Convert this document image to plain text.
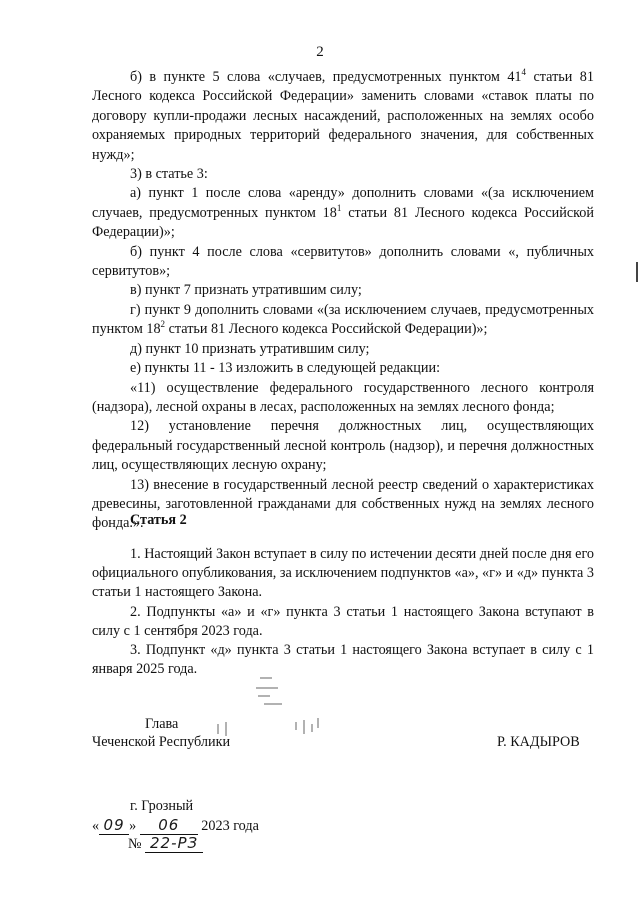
2

б) в пункте 5 слова «случаев, предусмотренных пунктом $41^4$ статьи 81 Лесного кодекса Российской Федерации» заменить словами «ставок платы по договору купли-продажи лесных насаждений, расположенных на землях особо охраняемых природных территорий федерального значения, для собственных нужд»;

3) в статье 3:

а) пункт 1 после слова «аренду» дополнить словами «(за исключением случаев, предусмотренных пунктом $18^1$ статьи 81 Лесного кодекса Российской Федерации)»;

б) пункт 4 после слова «сервитутов» дополнить словами «, публичных сервитутов»;

в) пункт 7 признать утратившим силу;

г) пункт 9 дополнить словами «(за исключением случаев, предусмотренных пунктом $18^2$ статьи 81 Лесного кодекса Российской Федерации)»;

д) пункт 10 признать утратившим силу;

е) пункты 11 - 13 изложить в следующей редакции:

«11) осуществление федерального государственного лесного контроля (надзора), лесной охраны в лесах, расположенных на землях лесного фонда;

12) установление перечня должностных лиц, осуществляющих федеральный государственный лесной контроль (надзор), и перечня должностных лиц, осуществляющих лесную охрану;

13) внесение в государственный лесной реестр сведений о характеристиках древесины, заготовленной гражданами для собственных нужд на землях лесного фонда.».

Статья 2

1. Настоящий Закон вступает в силу по истечении десяти дней после дня его официального опубликования, за исключением подпунктов «а», «г» и «д» пункта 3 статьи 1 настоящего Закона.

2. Подпункты «а» и «г» пункта 3 статьи 1 настоящего Закона вступают в силу с 1 сентября 2023 года.

3. Подпункт «д» пункта 3 статьи 1 настоящего Закона вступает в силу с 1 января 2025 года.

Глава
Чеченской Республики	Р. КАДЫРОВ
г. Грозный
« 09 » 06 2023 года
№ 22-РЗ
